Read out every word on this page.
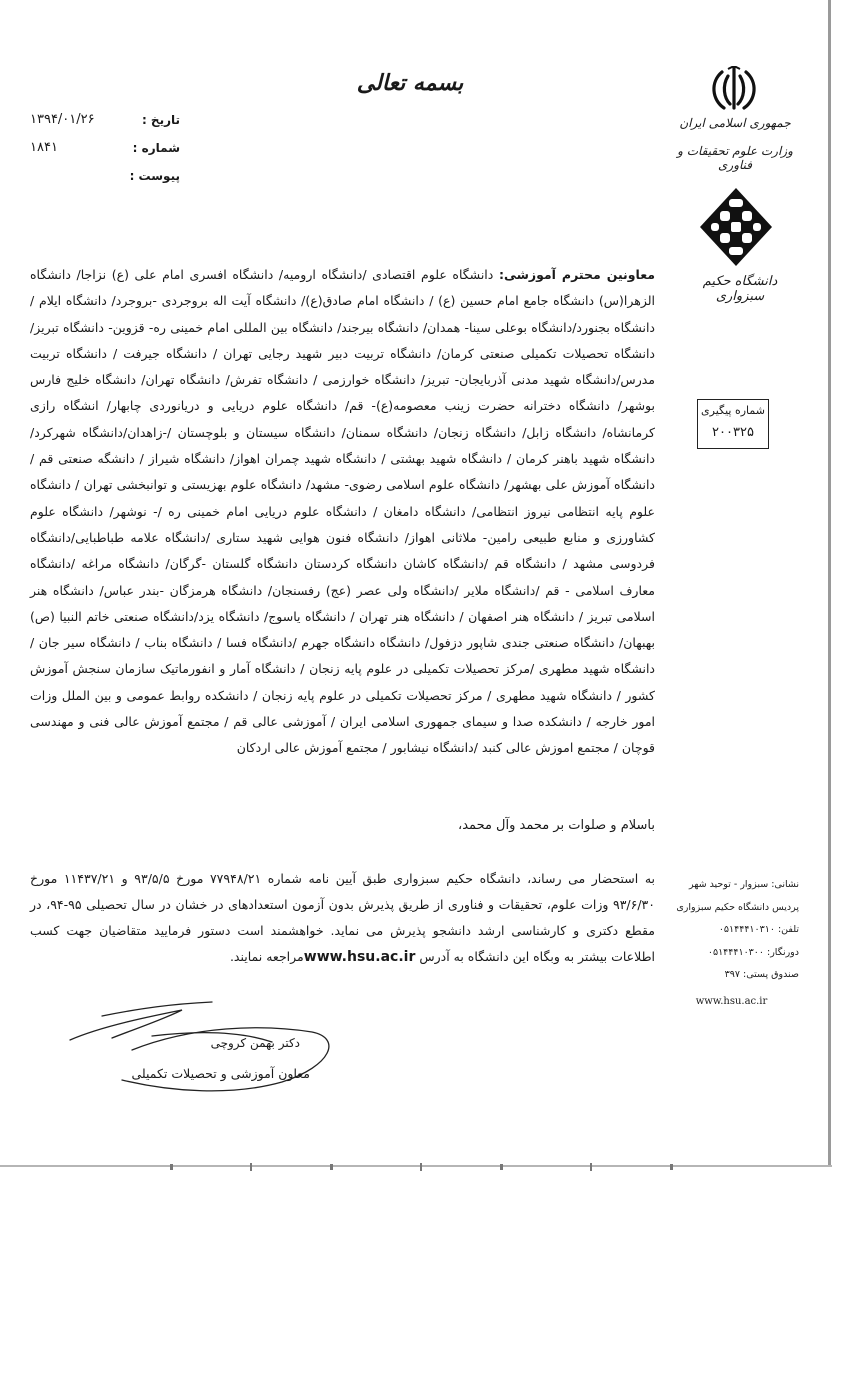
بسمه تعالی
تاریخ :
۱۳۹۴/۰۱/۲۶
شماره :
۱۸۴۱
پیوست :
جمهوری اسلامی ایران
وزارت علوم تحقیقات و فناوری
دانشگاه حکیم سبزواری
شماره پیگیری
۲۰۰۳۲۵
معاونین محترم آموزشی: دانشگاه علوم اقتصادی /دانشگاه ارومیه/ دانشگاه افسری امام علی (ع) نزاجا/ دانشگاه الزهرا(س) دانشگاه جامع امام حسین (ع) / دانشگاه امام صادق(ع)/ دانشگاه آیت اله بروجردی -بروجرد/ دانشگاه ایلام / دانشگاه بجنورد/دانشگاه بوعلی سینا- همدان/ دانشگاه بیرجند/ دانشگاه بین المللی امام خمینی ره- قزوین- دانشگاه تبریز/ دانشگاه تحصیلات تکمیلی صنعتی کرمان/ دانشگاه تربیت دبیر شهید رجایی تهران / دانشگاه جیرفت / دانشگاه تربیت مدرس/دانشگاه شهید مدنی آذربایجان- تبریز/ دانشگاه خوارزمی / دانشگاه تفرش/ دانشگاه تهران/ دانشگاه خلیج فارس بوشهر/ دانشگاه دخترانه حضرت زینب معصومه(ع)- قم/ دانشگاه علوم دریایی و دریانوردی چابهار/ انشگاه رازی کرمانشاه/ دانشگاه زابل/ دانشگاه زنجان/ دانشگاه سمنان/ دانشگاه سیستان و بلوچستان /-زاهدان/دانشگاه شهرکرد/دانشگاه شهید باهنر کرمان / دانشگاه شهید بهشتی / دانشگاه شهید چمران اهواز/ دانشگاه شیراز / دانشگه صنعتی قم / دانشگاه آموزش علی بهشهر/ دانشگاه علوم اسلامی رضوی- مشهد/ دانشگاه علوم بهزیستی و توانبخشی تهران / دانشگاه علوم پایه انتظامی نیروز انتظامی/ دانشگاه دامغان / دانشگاه علوم دریایی امام خمینی ره /- نوشهر/ دانشگاه علوم کشاورزی و منابع طبیعی رامین- ملاثانی اهواز/ دانشگاه فنون هوایی شهید ستاری /دانشگاه علامه طباطبایی/دانشگاه فردوسی مشهد / دانشگاه قم /دانشگاه کاشان دانشگاه کردستان دانشگاه گلستان -گرگان/ دانشگاه مراغه /دانشگاه معارف اسلامی - قم /دانشگاه ملایر /دانشگاه ولی عصر (عج) رفسنجان/ دانشگاه هرمزگان -بندر عباس/ دانشگاه هنر اسلامی تبریز / دانشگاه هنر اصفهان / دانشگاه هنر تهران / دانشگاه یاسوج/ دانشگاه یزد/دانشگاه صنعتی خاتم النبیا (ص) بهبهان/ دانشگاه صنعتی جندی شاپور دزفول/ دانشگاه دانشگاه جهرم /دانشگاه فسا / دانشگاه بناب / دانشگاه سیر جان /دانشگاه شهید مطهری /مرکز تحصیلات تکمیلی در علوم پایه زنجان / دانشگاه آمار و انفورماتیک سازمان سنجش آموزش کشور / دانشگاه شهید مطهری / مرکز تحصیلات تکمیلی در علوم پایه زنجان / دانشکده روابط عمومی و بین الملل وزات امور خارجه / دانشکده صدا و سیمای جمهوری اسلامی ایران / آموزشی عالی قم / مجتمع آموزش عالی فنی و مهندسی قوچان / مجتمع اموزش عالی کنبد /دانشگاه نیشابور / مجتمع آموزش عالی اردکان
باسلام و صلوات بر محمد وآل محمد،
به استحضار می رساند، دانشگاه حکیم سبزواری طبق آیین نامه شماره ۷۷۹۴۸/۲۱ مورخ ۹۳/۵/۵ و ۱۱۴۳۷/۲۱ مورخ ۹۳/۶/۳۰ وزات علوم، تحقیقات و فناوری از طریق پذیرش بدون آزمون استعدادهای در خشان در سال تحصیلی ۹۵-۹۴، در مقطع دکتری و کارشناسی ارشد دانشجو پذیرش می نماید. خواهشمند است دستور فرمایید متقاضیان جهت کسب اطلاعات بیشتر به وبگاه این دانشگاه به آدرس www.hsu.ac.irمراجعه نمایند.
دکتر بهمن کروچی
معاون آموزشی و تحصیلات تکمیلی
نشانی: سبزوار - توحید شهر
پردیس دانشگاه حکیم سبزواری
تلفن: ۰۵۱۴۴۴۱۰۳۱۰
دورنگار: ۰۵۱۴۴۴۱۰۳۰۰
صندوق پستی: ۳۹۷
www.hsu.ac.ir
